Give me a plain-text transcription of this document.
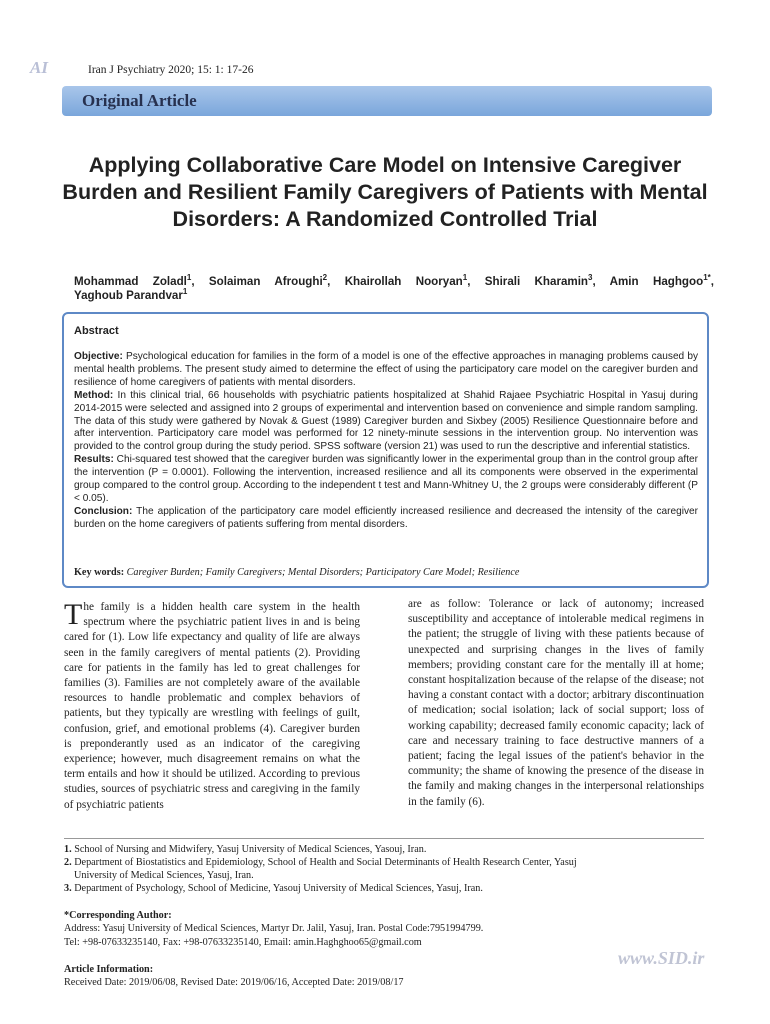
AI	Iran J Psychiatry 2020; 15: 1: 17-26
Original Article
Applying Collaborative Care Model on Intensive Caregiver Burden and Resilient Family Caregivers of Patients with Mental Disorders: A Randomized Controlled Trial
Mohammad Zoladl$^1$, Solaiman Afroughi$^2$, Khairollah Nooryan$^1$, Shirali Kharamin$^3$, Amin Haghgoo$^{1*}$,
Yaghoub Parandvar$^1$
Abstract

Objective: Psychological education for families in the form of a model is one of the effective approaches in managing problems caused by mental health problems. The present study aimed to determine the effect of using the participatory care model on the caregiver burden and resilience of home caregivers of patients with mental disorders.

Method: In this clinical trial, 66 households with psychiatric patients hospitalized at Shahid Rajaee Psychiatric Hospital in Yasuj during 2014-2015 were selected and assigned into 2 groups of experimental and intervention based on convenience and simple random sampling. The data of this study were gathered by Novak & Guest (1989) Caregiver burden and Sixbey (2005) Resilience Questionnaire before and after intervention. Participatory care model was performed for 12 ninety-minute sessions in the intervention group. No intervention was provided to the control group during the study period. SPSS software (version 21) was used to run the descriptive and inferential statistics.

Results: Chi-squared test showed that the caregiver burden was significantly lower in the experimental group than in the control group after the intervention (P = 0.0001). Following the intervention, increased resilience and all its components were observed in the experimental group compared to the control group. According to the independent t test and Mann-Whitney U, the 2 groups were considerably different (P < 0.05).

Conclusion: The application of the participatory care model efficiently increased resilience and decreased the intensity of the caregiver burden on the home caregivers of patients suffering from mental disorders.

Key words: Caregiver Burden; Family Caregivers; Mental Disorders; Participatory Care Model; Resilience
The family is a hidden health care system in the health spectrum where the psychiatric patient lives in and is being cared for (1). Low life expectancy and quality of life are always seen in the family caregivers of mental patients (2). Providing care for patients in the family has led to great challenges for families (3). Families are not completely aware of the available resources to handle problematic and complex behaviors of patients, but they typically are wrestling with feelings of guilt, confusion, grief, and emotional problems (4). Caregiver burden is preponderantly used as an indicator of the caregiving experience; however, much disagreement remains on what the term entails and how it should be utilized. According to previous studies, sources of psychiatric stress and caregiving in the family of psychiatric patients
are as follow: Tolerance or lack of autonomy; increased susceptibility and acceptance of intolerable medical regimens in the patient; the struggle of living with these patients because of unexpected and surprising changes in the lives of family members; providing constant care for the mentally ill at home; constant hospitalization because of the relapse of the disease; not having a constant contact with a doctor; arbitrary discontinuation of medication; social isolation; lack of social support; loss of working capability; decreased family economic capacity; lack of care and necessary training to face destructive manners of a patient; facing the legal issues of the patient's behavior in the community; the shame of knowing the presence of the disease in the family and making changes in the interpersonal relationships in the family (6).

1. School of Nursing and Midwifery, Yasuj University of Medical Sciences, Yasouj, Iran.

2. Department of Biostatistics and Epidemiology, School of Health and Social Determinants of Health Research Center, Yasuj

University of Medical Sciences, Yasuj, Iran.

3. Department of Psychology, School of Medicine, Yasouj University of Medical Sciences, Yasuj, Iran.

*Corresponding Author:
Address: Yasuj University of Medical Sciences, Martyr Dr. Jalil, Yasuj, Iran. Postal Code:7951994799.
Tel: +98-07633235140, Fax: +98-07633235140, Email: amin.Haghghoo65@gmail.com
www.SID.ir
Article Information:
Received Date: 2019/06/08, Revised Date: 2019/06/16, Accepted Date: 2019/08/17
